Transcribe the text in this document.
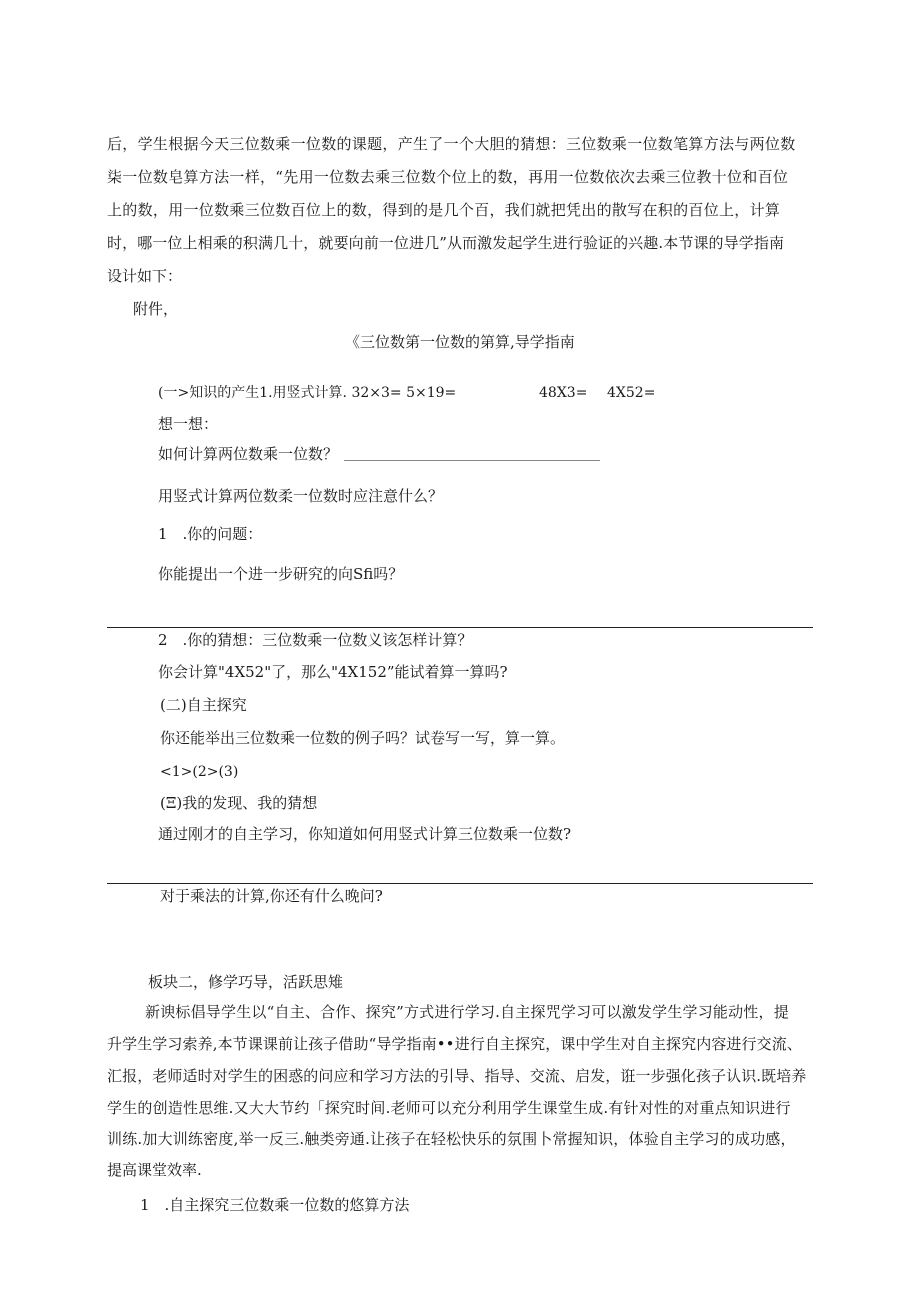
后，学生根据今天三位数乘一位数的课题，产生了一个大胆的猜想：三位数乘一位数笔算方法与两位数
柒一位数皂算方法一样，“先用一位数去乘三位数个位上的数，再用一位数依次去乘三位教十位和百位
上的数，用一位数乘三位数百位上的数，得到的是几个百，我们就把凭出的散写在积的百位上，计算
时，哪一位上相乘的积满几十，就要向前一位进几”从而激发起学生进行验证的兴趣.本节课的导学指南
设计如下：
附件，
《三位数第一位数的第算,导学指南
(一>知识的产生1.用竖式计算. 32×3= 5×19=	48X3= 4X52=
想一想：
如何计算两位数乘一位数？
用竖式计算两位数柔一位数时应注意什么？
1　.你的问题：
你能提出一个进一步研究的向Sfi吗？
2　.你的猜想：三位数乘一位数义该怎样计算？
你会计算"4X52"了，那么"4X152”能试着算一算吗?
(二)自主探究
你还能举出三位数乘一位数的例子吗？试卷写一写，算一算。
<1>(2>(3)
(Ξ)我的发现、我的猜想
通过刚才的自主学习，你知道如何用竖式计算三位数乘一位数?
对于乘法的计算,你还有什么晚问?
板块二，修学巧导，活跃思雉
新谀标倡导学生以“自主、合作、探究”方式进行学习.自主探咒学习可以激发学生学习能动性，提
升学生学习索养,本节课课前让孩子借助“导学指南••进行自主探究，课中学生对自主探究内容进行交流、
汇报，老师适时对学生的困惑的问应和学习方法的引导、指导、交流、启发，诳一步强化孩子认识.既培养
学生的创造性思维.又大大节约「探究时间.老师可以充分利用学生课堂生成.有针对性的对重点知识进行
训练.加大训练密度,举一反三.触类旁通.让孩子在轻松快乐的氛围卜常握知识，体验自主学习的成功感，
提高课堂效率.
1　.自主探究三位数乘一位数的悠算方法
